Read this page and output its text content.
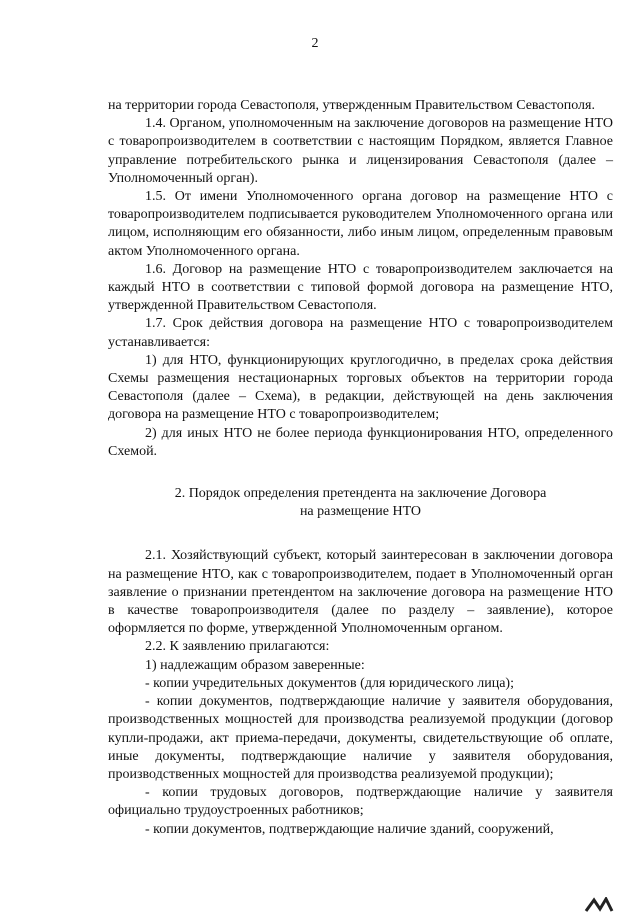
2

на территории города Севастополя, утвержденным Правительством Севастополя.

1.4. Органом, уполномоченным на заключение договоров на размещение НТО с товаропроизводителем в соответствии с настоящим Порядком, является Главное управление потребительского рынка и лицензирования Севастополя (далее – Уполномоченный орган).

1.5. От имени Уполномоченного органа договор на размещение НТО с товаропроизводителем подписывается руководителем Уполномоченного органа или лицом, исполняющим его обязанности, либо иным лицом, определенным правовым актом Уполномоченного органа.

1.6. Договор на размещение НТО с товаропроизводителем заключается на каждый НТО в соответствии с типовой формой договора на размещение НТО, утвержденной Правительством Севастополя.

1.7. Срок действия договора на размещение НТО с товаропроизводителем устанавливается:

1) для НТО, функционирующих круглогодично, в пределах срока действия Схемы размещения нестационарных торговых объектов на территории города Севастополя (далее – Схема), в редакции, действующей на день заключения договора на размещение НТО с товаропроизводителем;

2) для иных НТО не более периода функционирования НТО, определенного Схемой.

2. Порядок определения претендента на заключение Договора
на размещение НТО

2.1. Хозяйствующий субъект, который заинтересован в заключении договора на размещение НТО, как с товаропроизводителем, подает в Уполномоченный орган заявление о признании претендентом на заключение договора на размещение НТО в качестве товаропроизводителя (далее по разделу – заявление), которое оформляется по форме, утвержденной Уполномоченным органом.

2.2. К заявлению прилагаются:

1) надлежащим образом заверенные:

- копии учредительных документов (для юридического лица);

- копии документов, подтверждающие наличие у заявителя оборудования, производственных мощностей для производства реализуемой продукции (договор купли-продажи, акт приема-передачи, документы, свидетельствующие об оплате, иные документы, подтверждающие наличие у заявителя оборудования, производственных мощностей для производства реализуемой продукции);

- копии трудовых договоров, подтверждающие наличие у заявителя официально трудоустроенных работников;

- копии документов, подтверждающие наличие зданий, сооружений,
